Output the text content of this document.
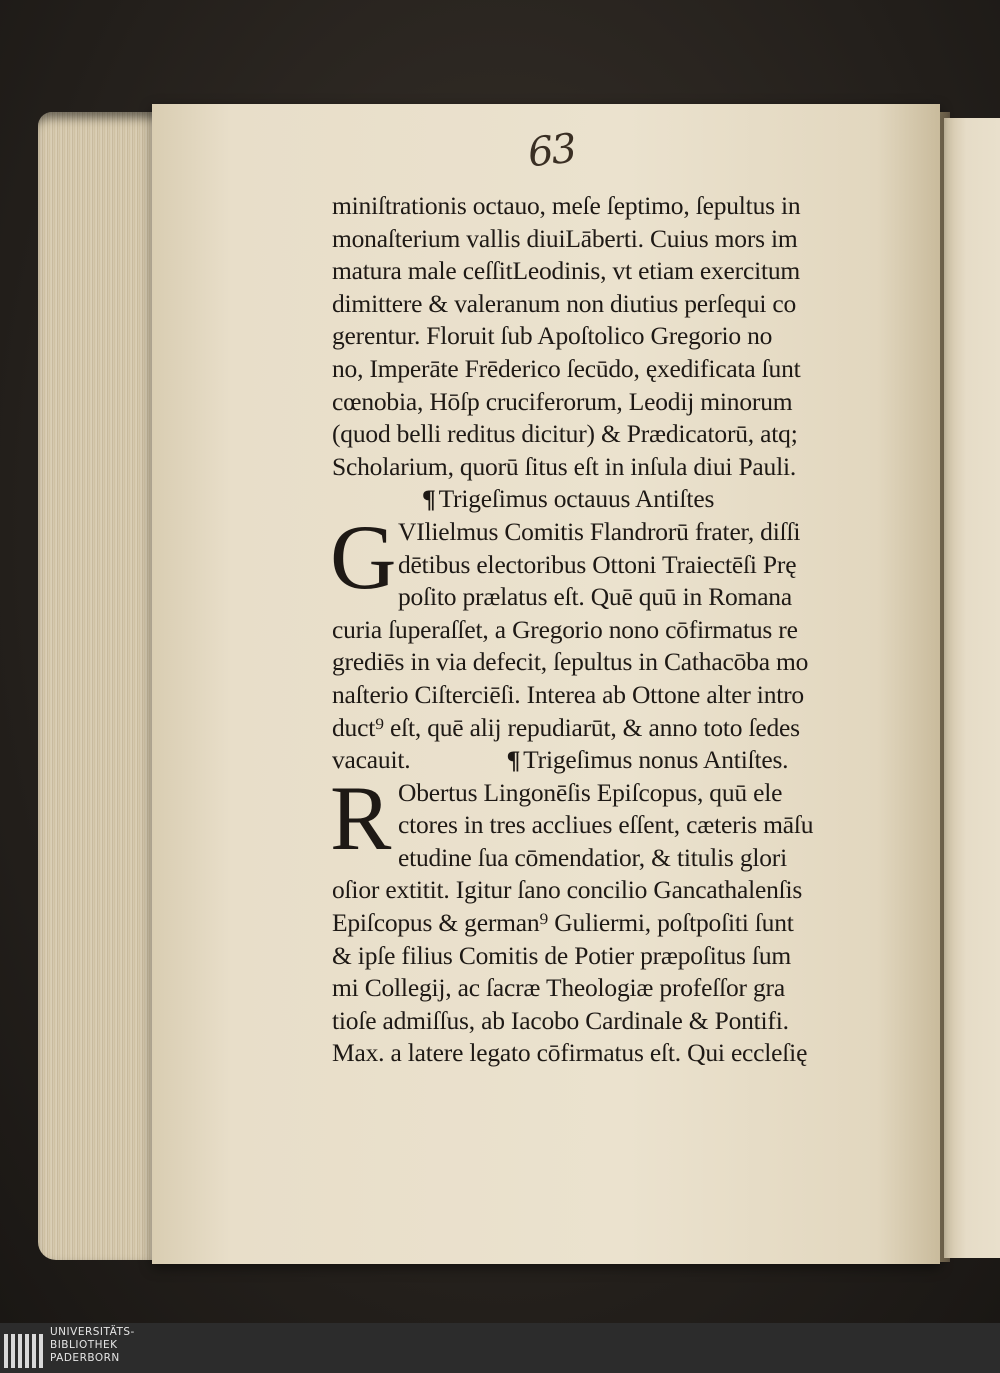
63
miniſtrationis octauo, meſe ſeptimo, ſepultus in
monaſterium vallis diuiLāberti. Cuius mors im
matura male ceſſitLeodinis, vt etiam exercitum
dimittere & valeranum non diutius perſequi co
gerentur. Floruit ſub Apoſtolico Gregorio no
no, Imperāte Frēderico ſecūdo, ęxedificata ſunt
cœnobia, Hōſp cruciferorum, Leodij minorum
(quod belli reditus dicitur) & Prædicatorū, atq;
Scholarium, quorū ſitus eſt in inſula diui Pauli.
¶ Trigeſimus octauus Antiſtes
G VIlielmus Comitis Flandrorū frater, diſſi
dētibus electoribus Ottoni Traiectēſi Prę
poſito prælatus eſt. Quē quū in Romana
curia ſuperaſſet, a Gregorio nono cōfirmatus re
grediēs in via defecit, ſepultus in Cathacōba mo
naſterio Ciſterciēſi. Interea ab Ottone alter intro
duct⁹ eſt, quē alij repudiarūt, & anno toto ſedes
vacauit.	¶ Trigeſimus nonus Antiſtes.
R Obertus Lingonēſis Epiſcopus, quū ele
ctores in tres accliues eſſent, cæteris māſu
etudine ſua cōmendatior, & titulis glori
oſior extitit. Igitur ſano concilio Gancathalenſis
Epiſcopus & german⁹ Guliermi, poſtpoſiti ſunt
& ipſe filius Comitis de Potier præpoſitus ſum
mi Collegij, ac ſacræ Theologiæ profeſſor gra
tioſe admiſſus, ab Iacobo Cardinale & Pontifi.
Max. a latere legato cōfirmatus eſt. Qui eccleſię
UNIVERSITÄTS-
BIBLIOTHEK
PADERBORN
